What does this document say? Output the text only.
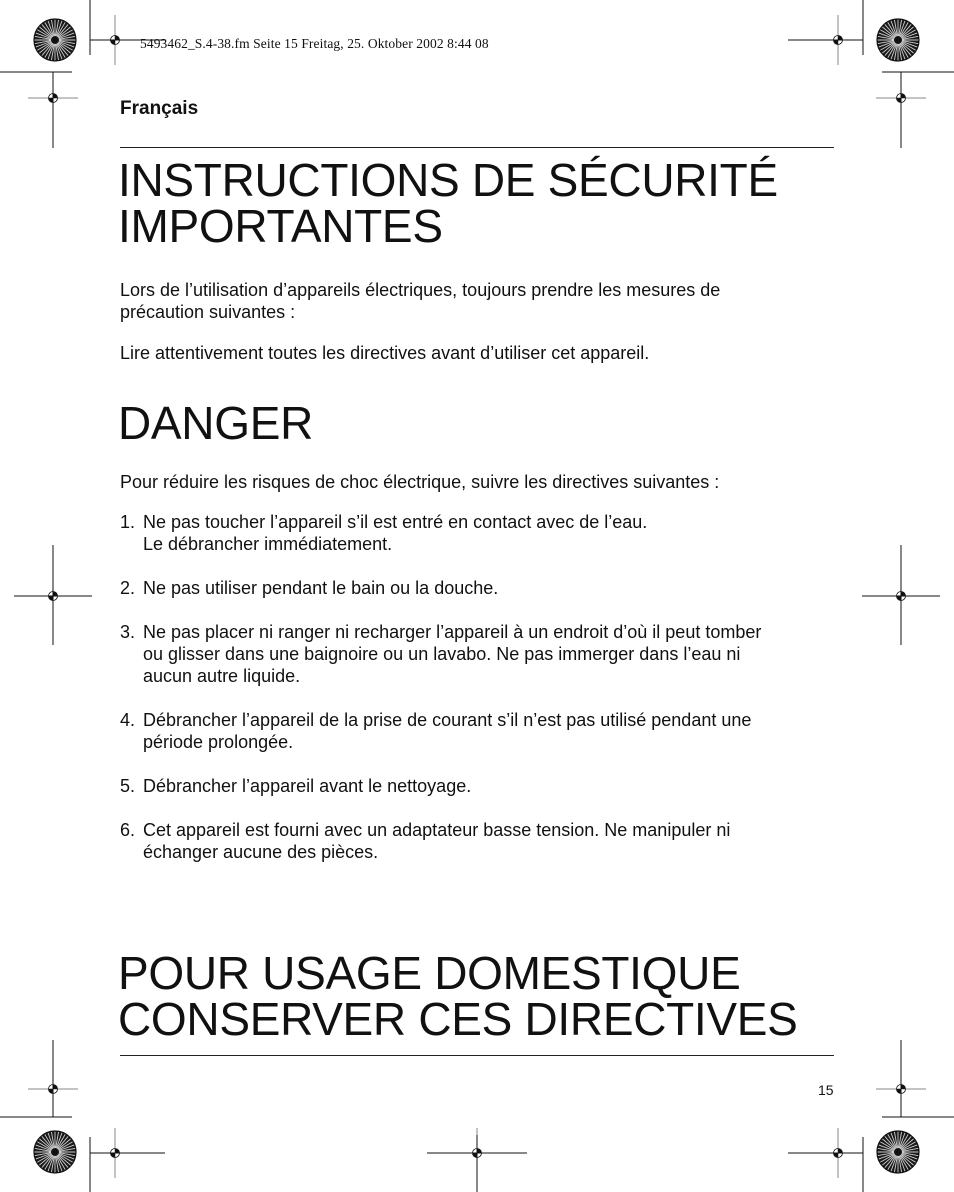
5493462_S.4-38.fm Seite 15 Freitag, 25. Oktober 2002 8:44 08
Français
INSTRUCTIONS DE SÉCURITÉ
IMPORTANTES

Lors de l’utilisation d’appareils électriques, toujours prendre les mesures de
précaution suivantes :

Lire attentivement toutes les directives avant d’utiliser cet appareil.

DANGER

Pour réduire les risques de choc électrique, suivre les directives suivantes :

1. Ne pas toucher l’appareil s’il est entré en contact avec de l’eau.
Le débrancher immédiatement.
2. Ne pas utiliser pendant le bain ou la douche.
3. Ne pas placer ni ranger ni recharger l’appareil à un endroit d’où il peut tomber
ou glisser dans une baignoire ou un lavabo. Ne pas immerger dans l’eau ni
aucun autre liquide.
4. Débrancher l’appareil de la prise de courant s’il n’est pas utilisé pendant une
période prolongée.
5. Débrancher l’appareil avant le nettoyage.
6. Cet appareil est fourni avec un adaptateur basse tension. Ne manipuler ni
échanger aucune des pièces.
POUR USAGE DOMESTIQUE
CONSERVER CES DIRECTIVES
15
